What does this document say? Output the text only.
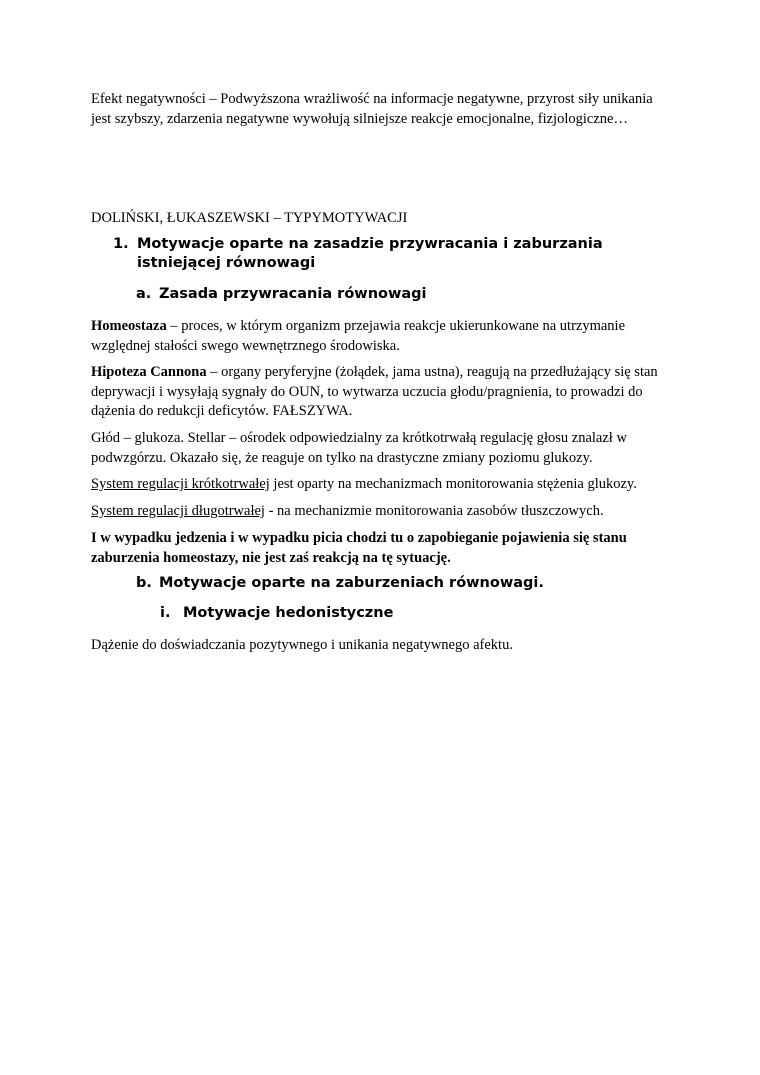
Efekt negatywności – Podwyższona wrażliwość na informacje negatywne, przyrost siły unikania jest szybszy, zdarzenia negatywne wywołują silniejsze reakcje emocjonalne, fizjologiczne…

DOLIŃSKI, ŁUKASZEWSKI – TYPYMOTYWACJI

1. Motywacje oparte na zasadzie przywracania i zaburzania istniejącej równowagi
a. Zasada przywracania równowagi

Homeostaza – proces, w którym organizm przejawia reakcje ukierunkowane na utrzymanie względnej stałości swego wewnętrznego środowiska.

Hipoteza Cannona – organy peryferyjne (żołądek, jama ustna), reagują na przedłużający się stan deprywacji i wysyłają sygnały do OUN, to wytwarza uczucia głodu/pragnienia, to prowadzi do dążenia do redukcji deficytów. FAŁSZYWA.

Głód – glukoza. Stellar – ośrodek odpowiedzialny za krótkotrwałą regulację głosu znalazł w podwzgórzu. Okazało się, że reaguje on tylko na drastyczne zmiany poziomu glukozy.

System regulacji krótkotrwałej jest oparty na mechanizmach monitorowania stężenia glukozy.

System regulacji długotrwałej - na mechanizmie monitorowania zasobów tłuszczowych.

I w wypadku jedzenia i w wypadku picia chodzi tu o zapobieganie pojawienia się stanu zaburzenia homeostazy, nie jest zaś reakcją na tę sytuację.

b. Motywacje oparte na zaburzeniach równowagi.
i. Motywacje hedonistyczne

Dążenie do doświadczania pozytywnego i unikania negatywnego afektu.
